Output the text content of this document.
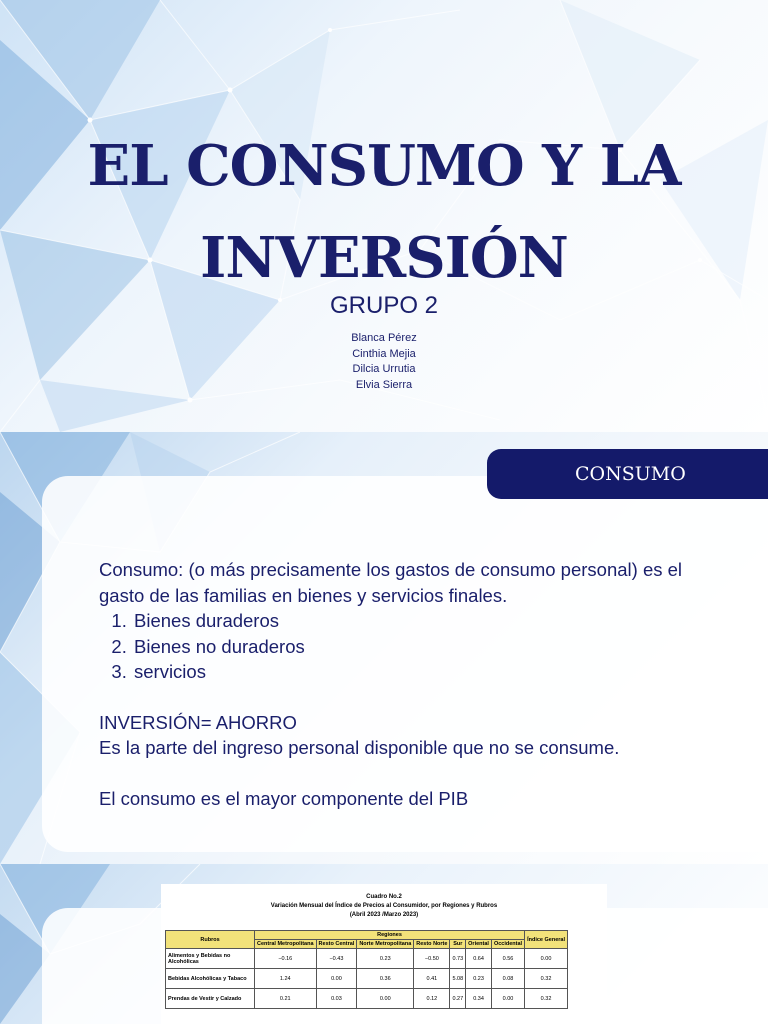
EL CONSUMO Y LA
INVERSIÓN
GRUPO 2
Blanca Pérez
Cinthia Mejia
Dilcia Urrutia
Elvia Sierra
CONSUMO

Consumo: (o más precisamente los gastos de consumo personal) es el gasto de las familias en bienes y servicios finales.

1. Bienes duraderos
2. Bienes no duraderos
3. servicios

INVERSIÓN= AHORRO

Es la parte del ingreso personal disponible que no se consume.

El consumo es el mayor componente del PIB

Cuadro No.2
Variación Mensual del Índice de Precios al Consumidor, por Regiones y Rubros
(Abril 2023 /Marzo 2023)
Rubros	Regiones							Índice General
	Central Metropolitana	Resto Central	Norte Metropolitana	Resto Norte	Sur	Oriental	Occidental	
Alimentos y Bebidas no Alcohólicas	−0.16	−0.43	0.23	−0.50	0.73	0.64	0.56	0.00
Bebidas Alcohólicas y Tabaco	1.24	0.00	0.36	0.41	5.08	0.23	0.08	0.32
Prendas de Vestir y Calzado	0.21	0.03	0.00	0.12	0.27	0.34	0.00	0.32
